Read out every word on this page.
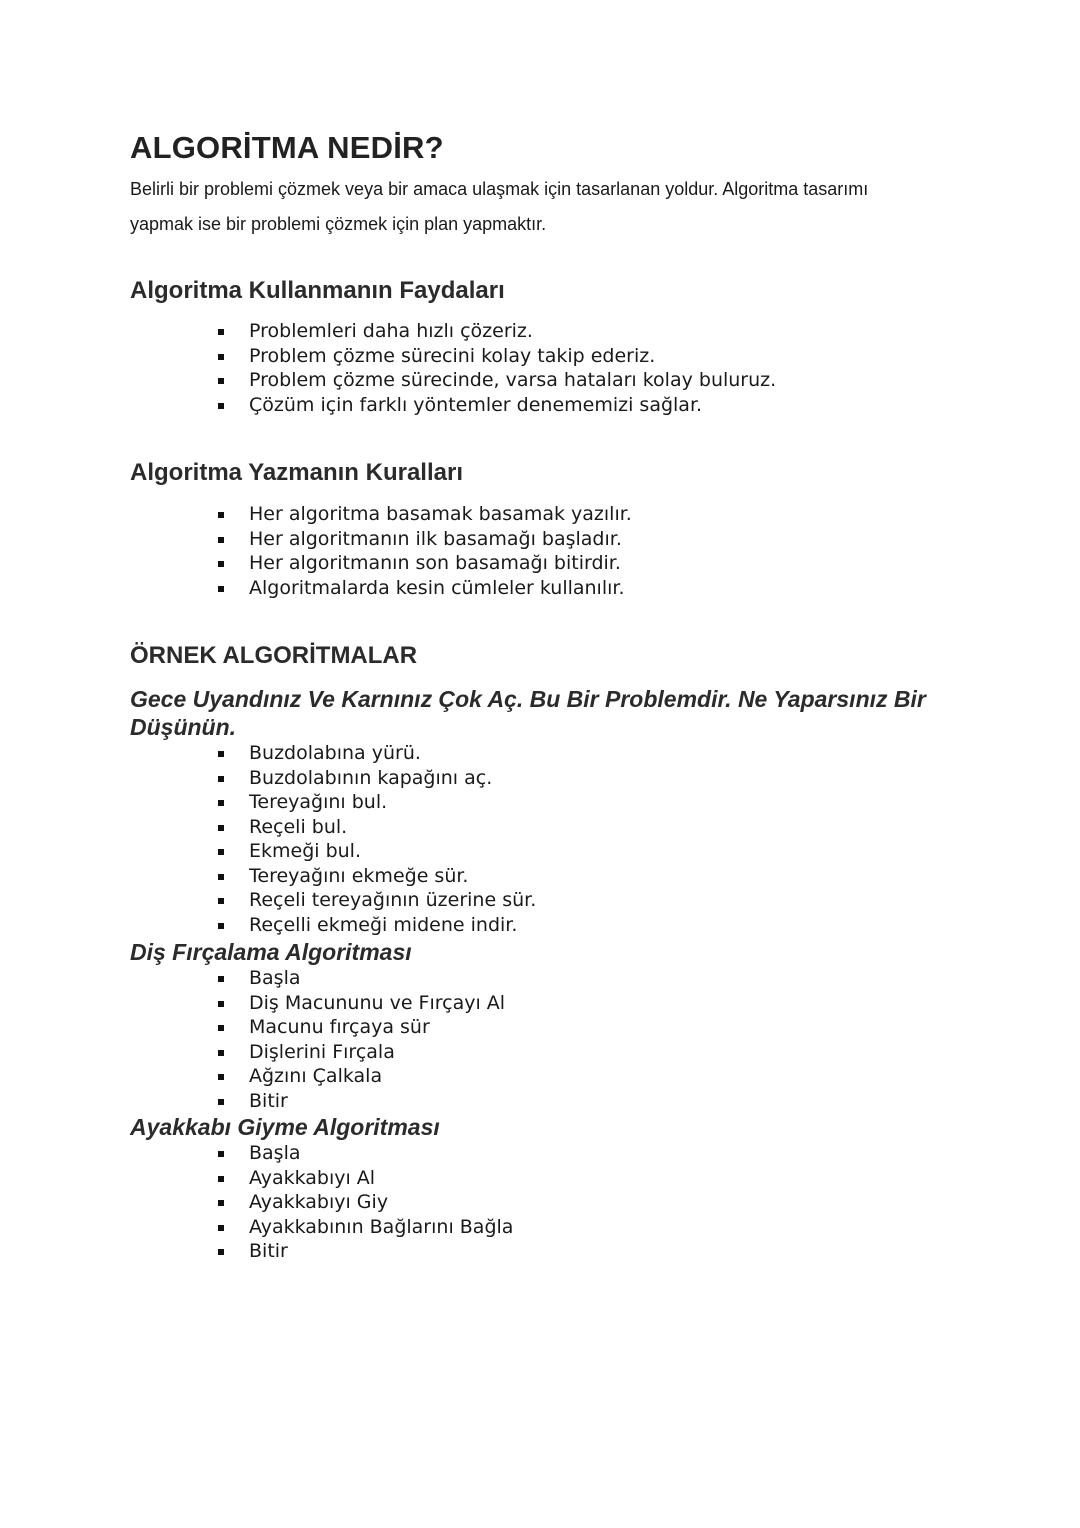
ALGORİTMA NEDİR?

Belirli bir problemi çözmek veya bir amaca ulaşmak için tasarlanan yoldur. Algoritma tasarımı yapmak ise bir problemi çözmek için plan yapmaktır.

Algoritma Kullanmanın Faydaları
Problemleri daha hızlı çözeriz.
Problem çözme sürecini kolay takip ederiz.
Problem çözme sürecinde, varsa hataları kolay buluruz.
Çözüm için farklı yöntemler denememizi sağlar.
Algoritma Yazmanın Kuralları
Her algoritma basamak basamak yazılır.
Her algoritmanın ilk basamağı başladır.
Her algoritmanın son basamağı bitirdir.
Algoritmalarda kesin cümleler kullanılır.
ÖRNEK ALGORİTMALAR
Gece Uyandınız Ve Karnınız Çok Aç. Bu Bir Problemdir. Ne Yaparsınız Bir Düşünün.
Buzdolabına yürü.
Buzdolabının kapağını aç.
Tereyağını bul.
Reçeli bul.
Ekmeği bul.
Tereyağını ekmeğe sür.
Reçeli tereyağının üzerine sür.
Reçelli ekmeği midene indir.
Diş Fırçalama Algoritması
Başla
Diş Macununu ve Fırçayı Al
Macunu fırçaya sür
Dişlerini Fırçala
Ağzını Çalkala
Bitir
Ayakkabı Giyme Algoritması
Başla
Ayakkabıyı Al
Ayakkabıyı Giy
Ayakkabının Bağlarını Bağla
Bitir
